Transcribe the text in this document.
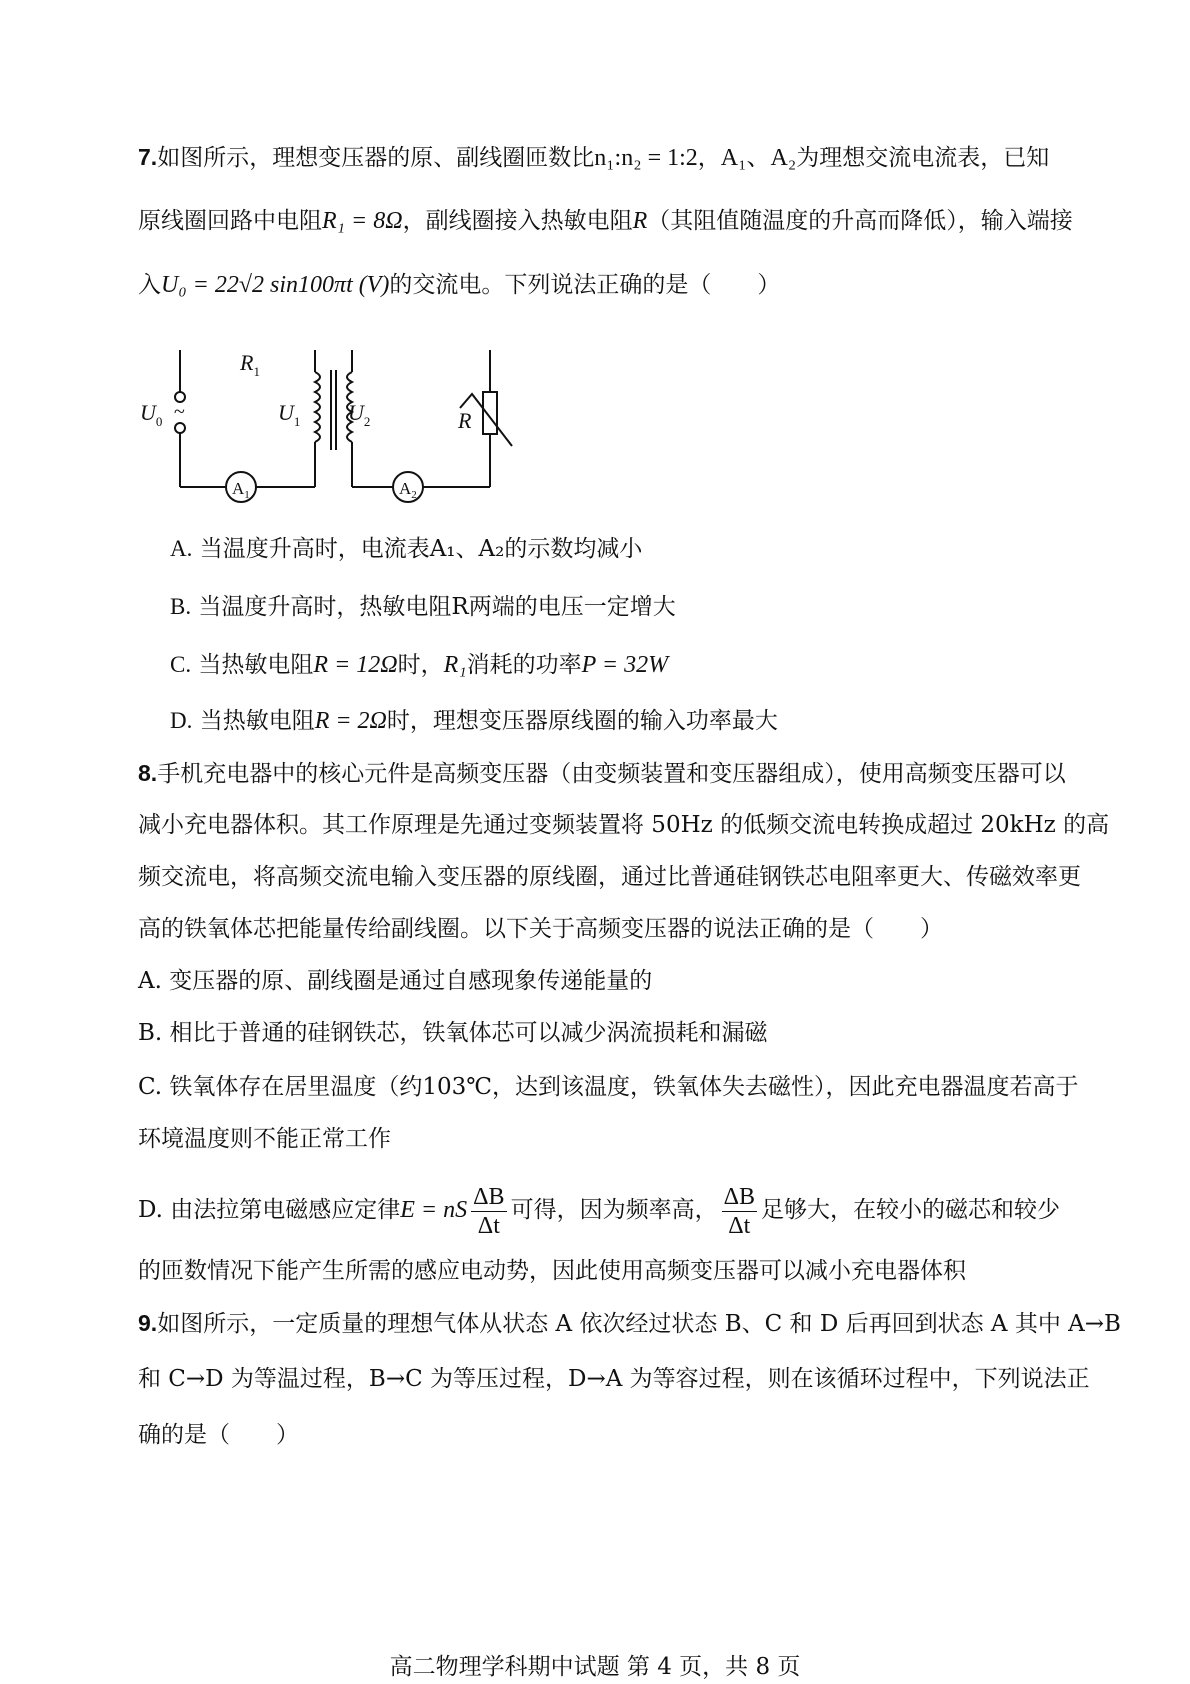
7.如图所示，理想变压器的原、副线圈匝数比n₁:n₂ = 1:2，A₁、A₂为理想交流电流表，已知
原线圈回路中电阻R₁ = 8Ω，副线圈接入热敏电阻R（其阻值随温度的升高而降低），输入端接
入U₀ = 22√2 sin100πt (V)的交流电。下列说法正确的是（　　）
$R_1$
$U_0$ ~	$U_1$ $U_2$	R
$A_1$	$A_2$
A. 当温度升高时，电流表A₁、A₂的示数均减小
B. 当温度升高时，热敏电阻R两端的电压一定增大
C. 当热敏电阻R = 12Ω时，R₁消耗的功率P = 32W
D. 当热敏电阻R = 2Ω时，理想变压器原线圈的输入功率最大
8.手机充电器中的核心元件是高频变压器（由变频装置和变压器组成），使用高频变压器可以
减小充电器体积。其工作原理是先通过变频装置将 50Hz 的低频交流电转换成超过 20kHz 的高
频交流电，将高频交流电输入变压器的原线圈，通过比普通硅钢铁芯电阻率更大、传磁效率更
高的铁氧体芯把能量传给副线圈。以下关于高频变压器的说法正确的是（　　）
A. 变压器的原、副线圈是通过自感现象传递能量的
B. 相比于普通的硅钢铁芯，铁氧体芯可以减少涡流损耗和漏磁
C. 铁氧体存在居里温度（约103℃，达到该温度，铁氧体失去磁性），因此充电器温度若高于
环境温度则不能正常工作
D. 由法拉第电磁感应定律E = nS $\frac{\Delta B}{\Delta t}$ 可得，因为频率高， $\frac{\Delta B}{\Delta t}$ 足够大，在较小的磁芯和较少
的匝数情况下能产生所需的感应电动势，因此使用高频变压器可以减小充电器体积
9.如图所示，一定质量的理想气体从状态 A 依次经过状态 B、C 和 D 后再回到状态 A 其中 A→B
和 C→D 为等温过程，B→C 为等压过程，D→A 为等容过程，则在该循环过程中，下列说法正
确的是（　　）
高二物理学科期中试题 第 4 页，共 8 页
